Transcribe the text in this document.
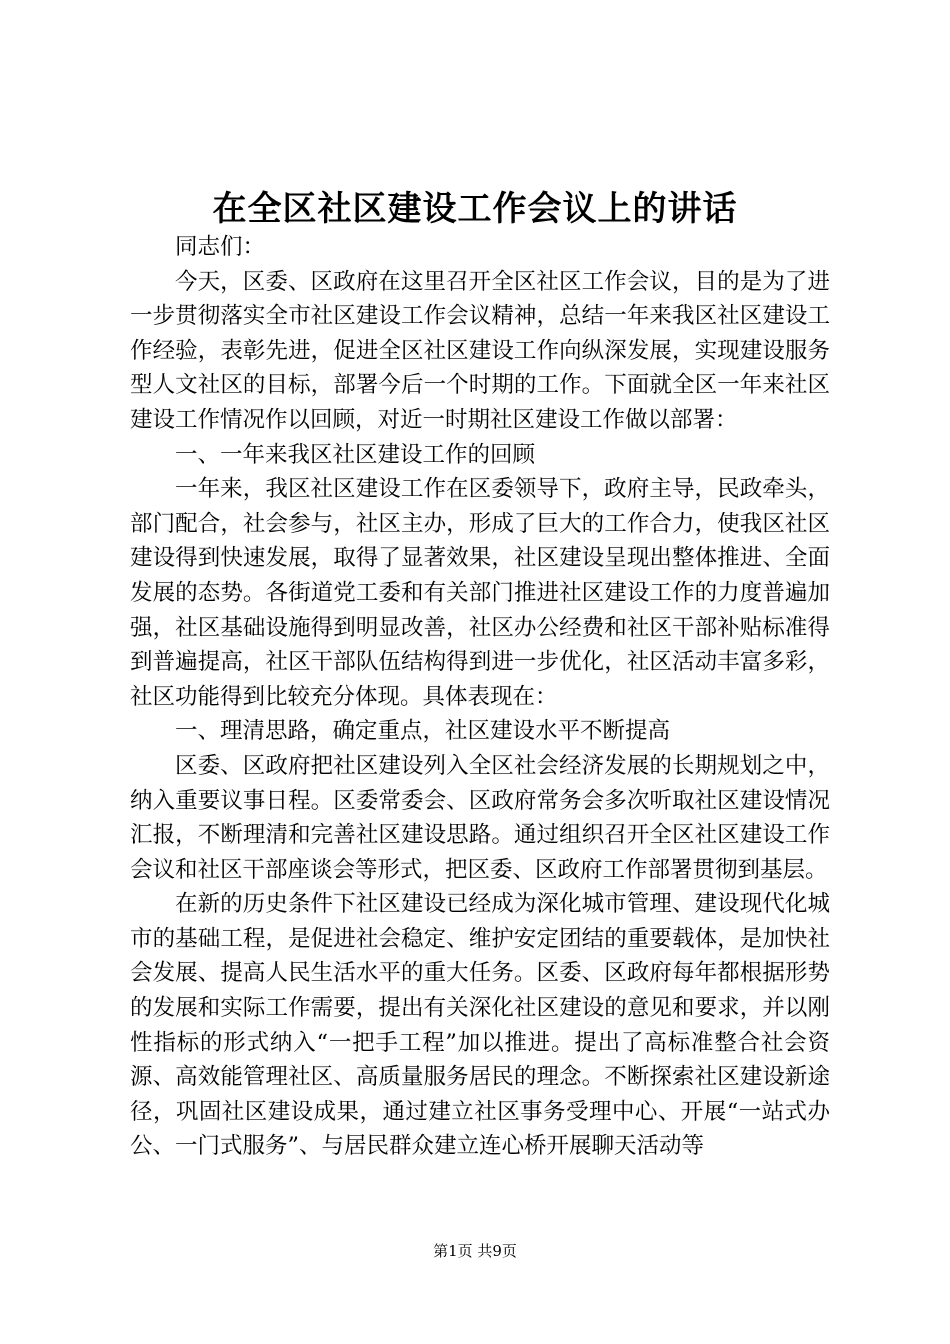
在全区社区建设工作会议上的讲话

同志们：

今天，区委、区政府在这里召开全区社区工作会议，目的是为了进一步贯彻落实全市社区建设工作会议精神，总结一年来我区社区建设工作经验，表彰先进，促进全区社区建设工作向纵深发展，实现建设服务型人文社区的目标，部署今后一个时期的工作。下面就全区一年来社区建设工作情况作以回顾，对近一时期社区建设工作做以部署：

一、一年来我区社区建设工作的回顾

一年来，我区社区建设工作在区委领导下，政府主导，民政牵头，部门配合，社会参与，社区主办，形成了巨大的工作合力，使我区社区建设得到快速发展，取得了显著效果，社区建设呈现出整体推进、全面发展的态势。各街道党工委和有关部门推进社区建设工作的力度普遍加强，社区基础设施得到明显改善，社区办公经费和社区干部补贴标准得到普遍提高，社区干部队伍结构得到进一步优化，社区活动丰富多彩，社区功能得到比较充分体现。具体表现在：

一、理清思路，确定重点，社区建设水平不断提高

区委、区政府把社区建设列入全区社会经济发展的长期规划之中，纳入重要议事日程。区委常委会、区政府常务会多次听取社区建设情况汇报，不断理清和完善社区建设思路。通过组织召开全区社区建设工作会议和社区干部座谈会等形式，把区委、区政府工作部署贯彻到基层。

在新的历史条件下社区建设已经成为深化城市管理、建设现代化城市的基础工程，是促进社会稳定、维护安定团结的重要载体，是加快社会发展、提高人民生活水平的重大任务。区委、区政府每年都根据形势的发展和实际工作需要，提出有关深化社区建设的意见和要求，并以刚性指标的形式纳入“一把手工程”加以推进。提出了高标准整合社会资源、高效能管理社区、高质量服务居民的理念。不断探索社区建设新途径，巩固社区建设成果，通过建立社区事务受理中心、开展“一站式办公、一门式服务”、与居民群众建立连心桥开展聊天活动等

第1页 共9页
